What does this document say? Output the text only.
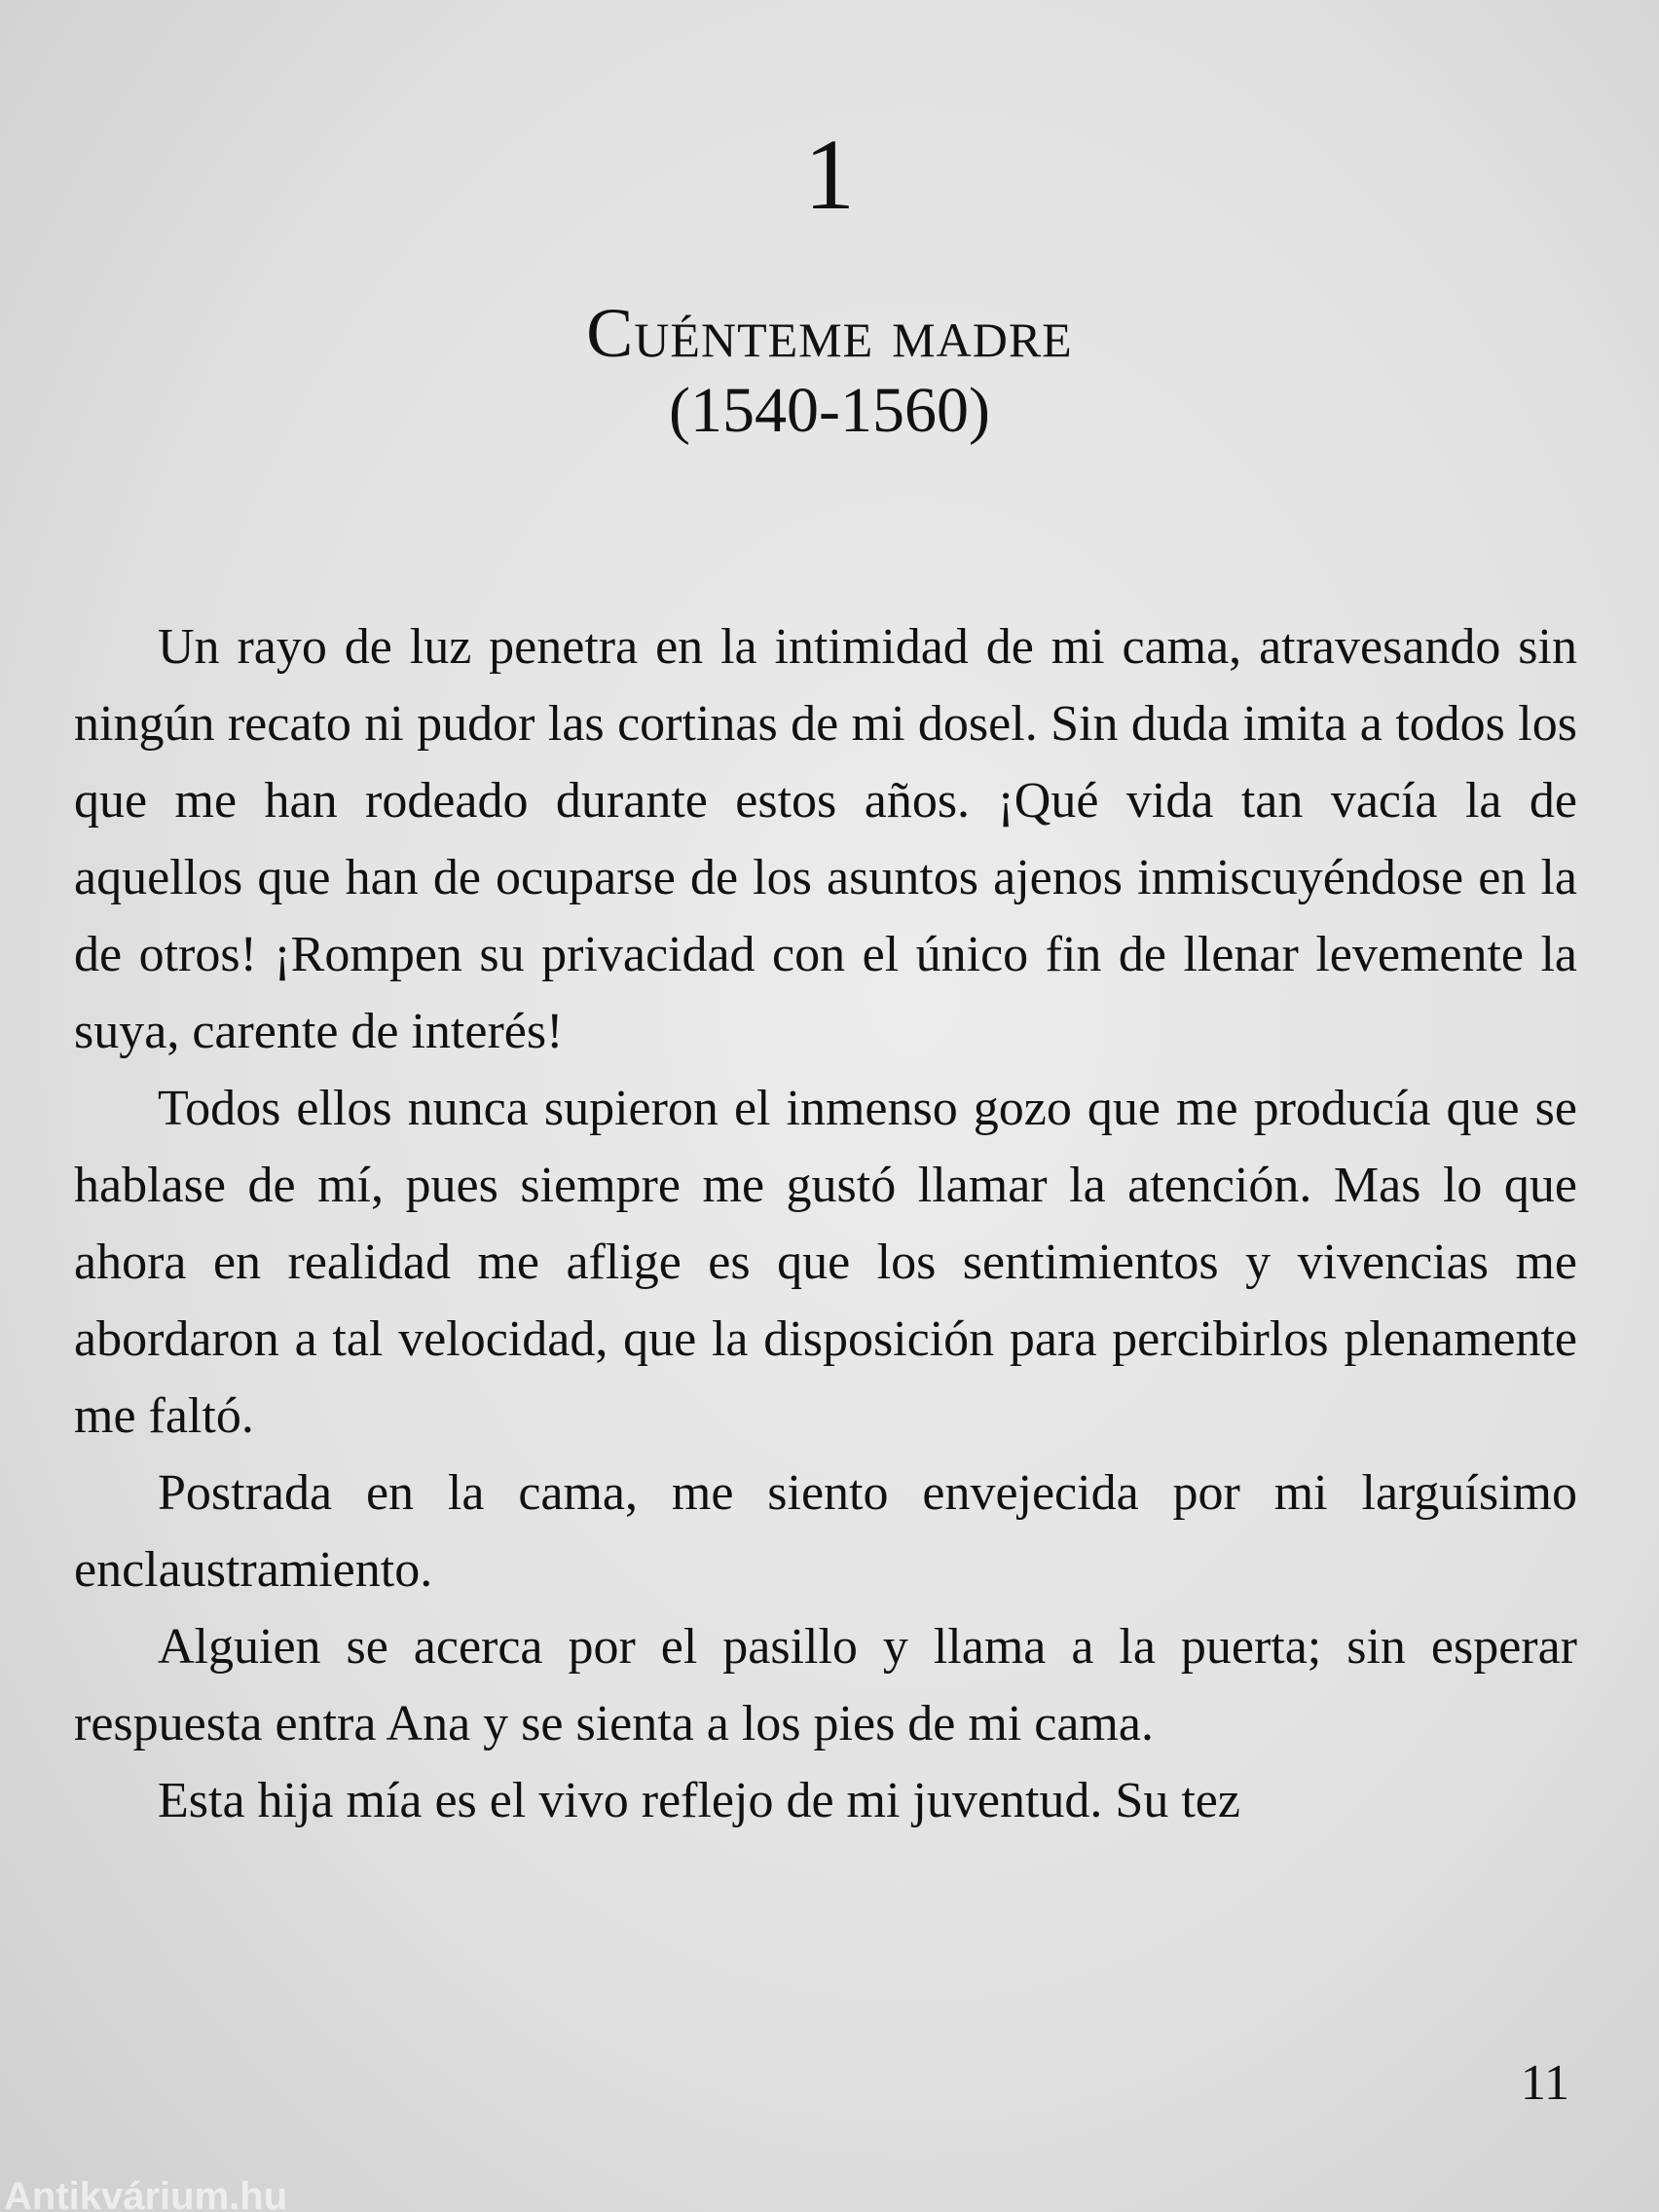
1
Cuénteme madre
(1540-1560)

Un rayo de luz penetra en la intimidad de mi cama, atravesando sin ningún recato ni pudor las cortinas de mi dosel. Sin duda imita a todos los que me han rodeado durante estos años. ¡Qué vida tan vacía la de aquellos que han de ocuparse de los asuntos ajenos inmiscuyéndose en la de otros! ¡Rompen su privacidad con el único fin de llenar levemente la suya, carente de interés!

Todos ellos nunca supieron el inmenso gozo que me producía que se hablase de mí, pues siempre me gustó llamar la atención. Mas lo que ahora en realidad me aflige es que los sentimientos y vivencias me abordaron a tal velocidad, que la disposición para percibirlos plenamente me faltó.

Postrada en la cama, me siento envejecida por mi larguísimo enclaustramiento.

Alguien se acerca por el pasillo y llama a la puerta; sin esperar respuesta entra Ana y se sienta a los pies de mi cama.

Esta hija mía es el vivo reflejo de mi juventud. Su tez

11
Antikvárium.hu
